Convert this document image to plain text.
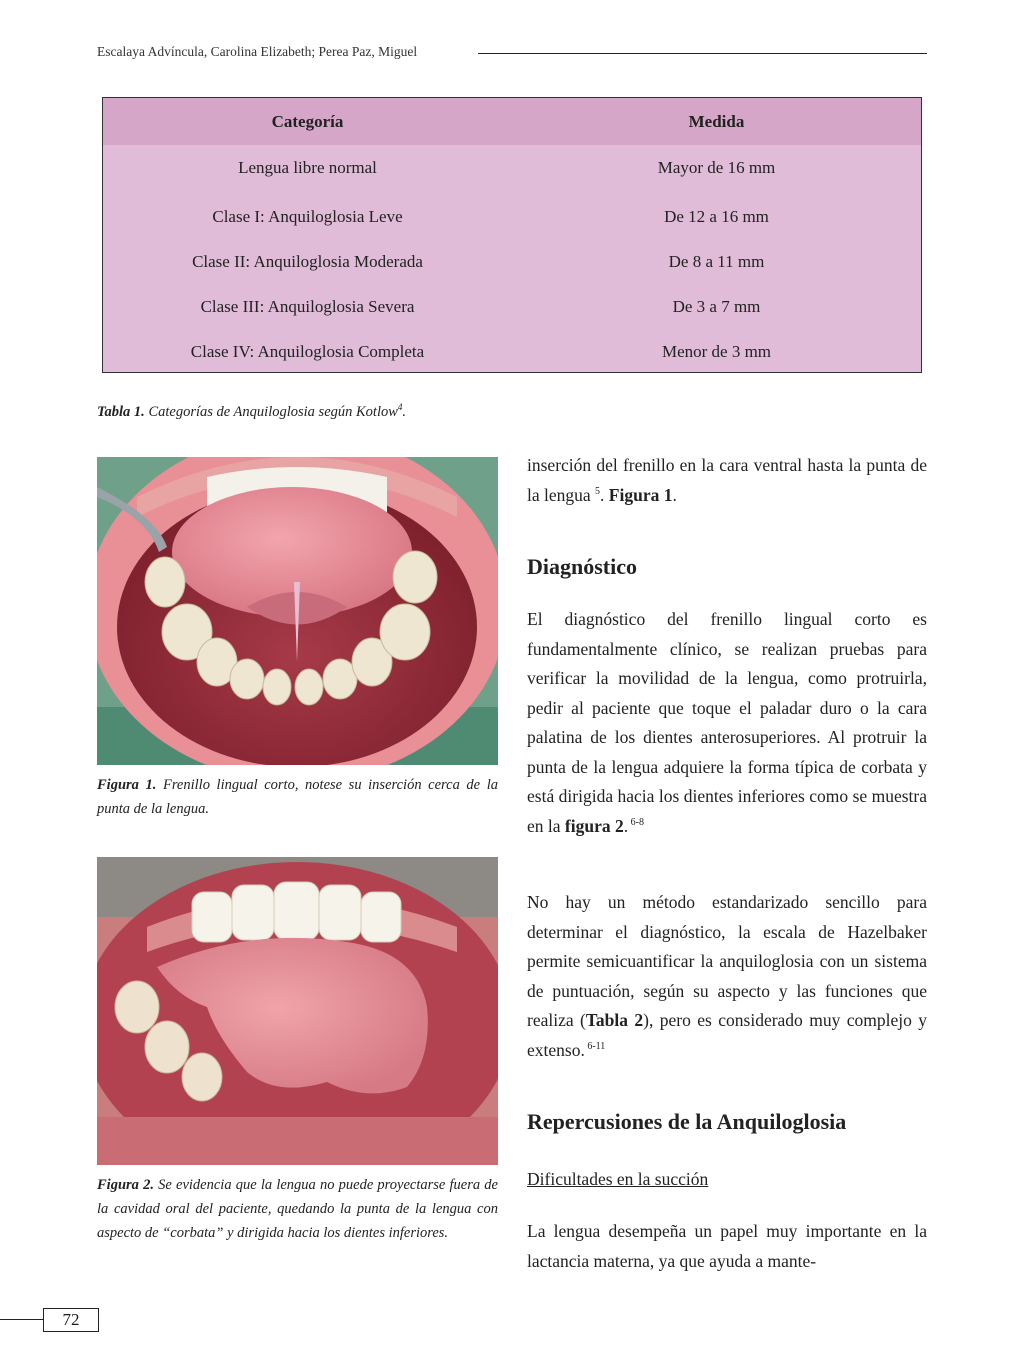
Escalaya Advíncula, Carolina Elizabeth; Perea Paz, Miguel
Categoría	Medida
Lengua libre normal	Mayor de 16 mm
Clase I: Anquiloglosia Leve	De 12 a 16 mm
Clase II: Anquiloglosia Moderada	De 8 a 11 mm
Clase III: Anquiloglosia Severa	De 3 a 7 mm
Clase IV: Anquiloglosia Completa	Menor de 3 mm
Tabla 1. Categorías de Anquiloglosia según Kotlow$^4$.
Figura 1. Frenillo lingual corto, notese su inserción cerca de la punta de la lengua.
Figura 2. Se evidencia que la lengua no puede proyectarse fuera de la cavidad oral del paciente, quedando la punta de la lengua con aspecto de “corbata” y dirigida hacia los dientes inferiores.

inserción del frenillo en la cara ventral hasta la punta de la lengua $^5$. Figura 1.

Diagnóstico

El diagnóstico del frenillo lingual corto es fundamentalmente clínico, se realizan pruebas para verificar la movilidad de la lengua, como protruirla, pedir al paciente que toque el paladar duro o la cara palatina de los dientes anterosuperiores. Al protruir la punta de la lengua adquiere la forma típica de corbata y está dirigida hacia los dientes inferiores como se muestra en la figura 2. $^{6-8}$

No hay un método estandarizado sencillo para determinar el diagnóstico, la escala de Hazelbaker permite semicuantificar la anquiloglosia con un sistema de puntuación, según su aspecto y las funciones que realiza (Tabla 2), pero es considerado muy complejo y extenso. $^{6-11}$

Repercusiones de la Anquiloglosia
Dificultades en la succión

La lengua desempeña un papel muy importante en la lactancia materna, ya que ayuda a mante-

72
